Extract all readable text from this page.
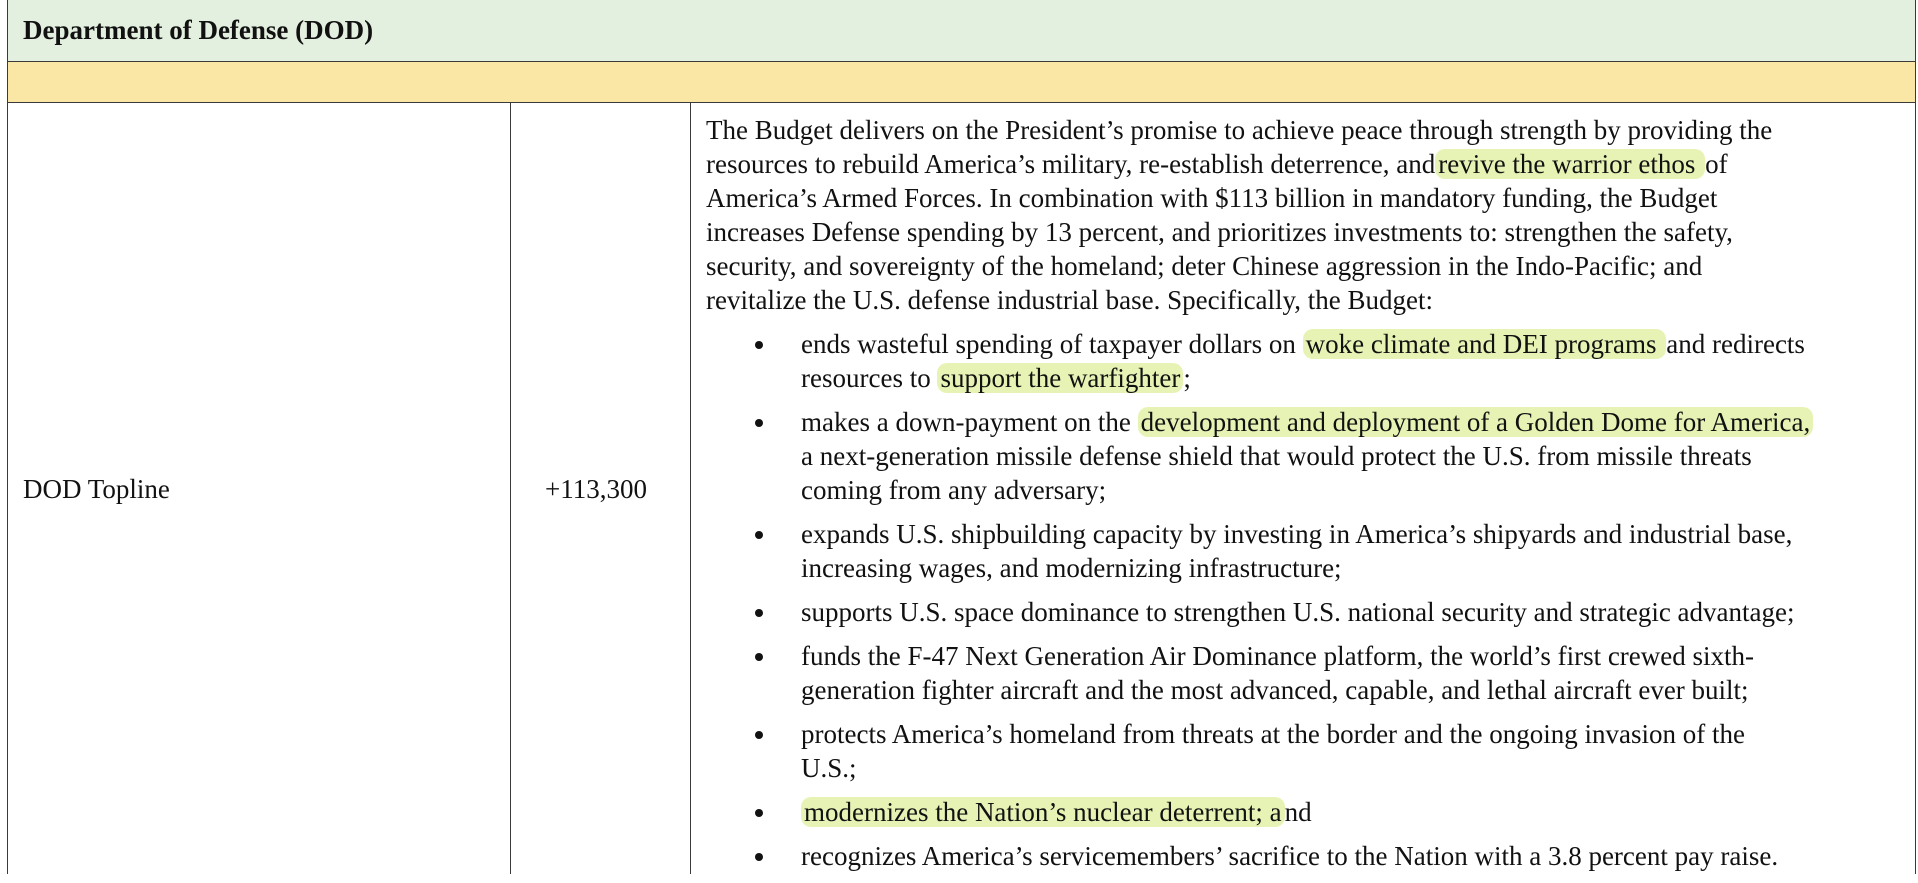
Department of Defense (DOD)
DOD Topline	+113,300
The Budget delivers on the President’s promise to achieve peace through strength by providing the
resources to rebuild America’s military, re-establish deterrence, and revive the warrior ethos of
America’s Armed Forces. In combination with $113 billion in mandatory funding, the Budget
increases Defense spending by 13 percent, and prioritizes investments to: strengthen the safety,
security, and sovereignty of the homeland; deter Chinese aggression in the Indo-Pacific; and
revitalize the U.S. defense industrial base. Specifically, the Budget:
ends wasteful spending of taxpayer dollars on woke climate and DEI programs and redirects
resources to support the warfighter ;
makes a down-payment on the development and deployment of a Golden Dome for America,
a next-generation missile defense shield that would protect the U.S. from missile threats
coming from any adversary;
expands U.S. shipbuilding capacity by investing in America’s shipyards and industrial base,
increasing wages, and modernizing infrastructure;
supports U.S. space dominance to strengthen U.S. national security and strategic advantage;
funds the F-47 Next Generation Air Dominance platform, the world’s first crewed sixth-
generation fighter aircraft and the most advanced, capable, and lethal aircraft ever built;
protects America’s homeland from threats at the border and the ongoing invasion of the
U.S.;
modernizes the Nation’s nuclear deterrent; a nd
recognizes America’s servicemembers’ sacrifice to the Nation with a 3.8 percent pay raise.
